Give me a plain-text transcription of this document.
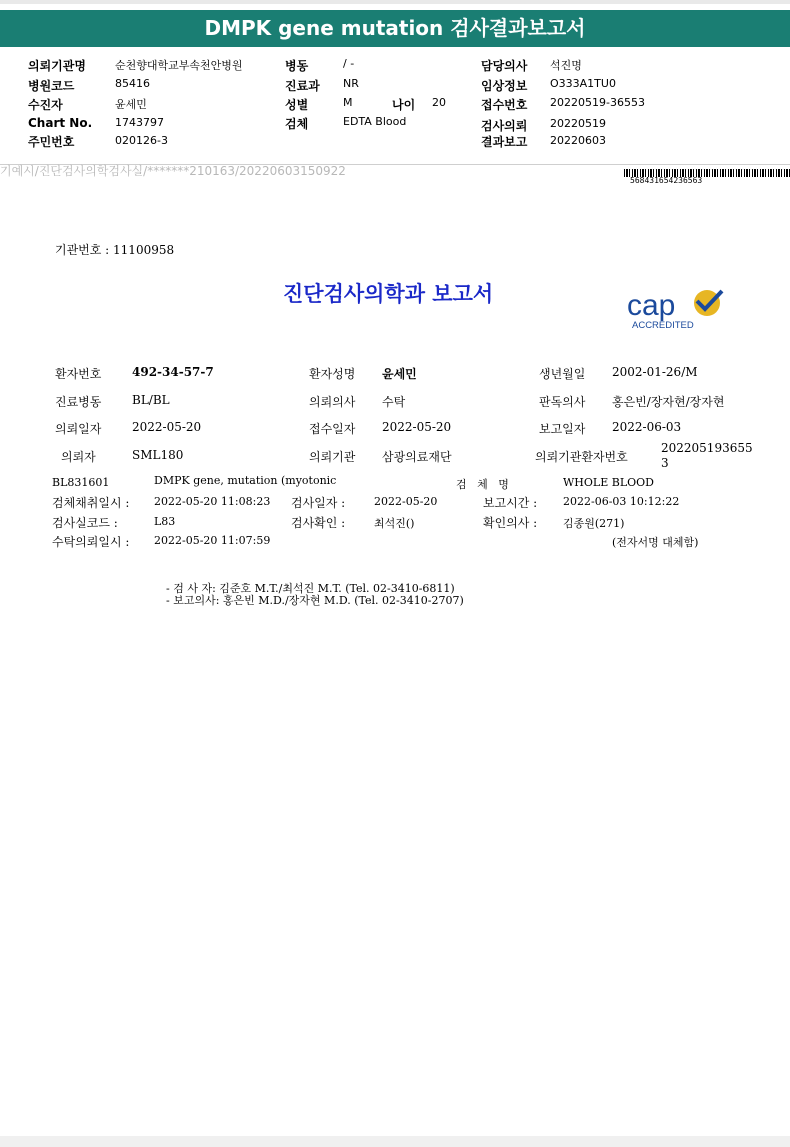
DMPK gene mutation 검사결과보고서
의뢰기관명	순천향대학교부속천안병원	병동	/ -	담당의사 석진명
병원코드	85416	진료과 NR	임상정보 O333A1TU0
수진자	윤세민	성별	M	나이 20	접수번호 20220519-36553
Chart No. 1743797	검체	EDTA Blood	검사의뢰 20220519
주민번호	020126-3	결과보고 20220603
기예시/진단검사의학검사실/*******210163/20220603150922
568431654236563
기관번호 : 11100958
진단검사의학과 보고서	cap
ACCREDITED
환자번호	492-34-57-7	환자성명 윤세민	생년월일 2002-01-26/M
진료병동	BL/BL	의뢰의사 수탁	판독의사 홍은빈/장자현/장자현
의뢰일자	2022-05-20	접수일자 2022-05-20	보고일자 2022-06-03
의뢰자	SML180	의뢰기관 삼광의료재단	의뢰기관환자번호
202205193655
3
BL831601	DMPK gene, mutation (myotonic	검   체   명	WHOLE BLOOD
검체채취일시 : 2022-05-20 11:08:23 검사일자 :	2022-05-20	보고시간 : 2022-06-03 10:12:22
검사실코드 :	L83	검사확인 :	최석진()	확인의사 : 김종원(271)
수탁의뢰일시 : 2022-05-20 11:07:59	(전자서명 대체함)
- 검 사 자: 김준호 M.T./최석진 M.T. (Tel. 02-3410-6811)
- 보고의사: 홍은빈 M.D./장자현 M.D. (Tel. 02-3410-2707)
